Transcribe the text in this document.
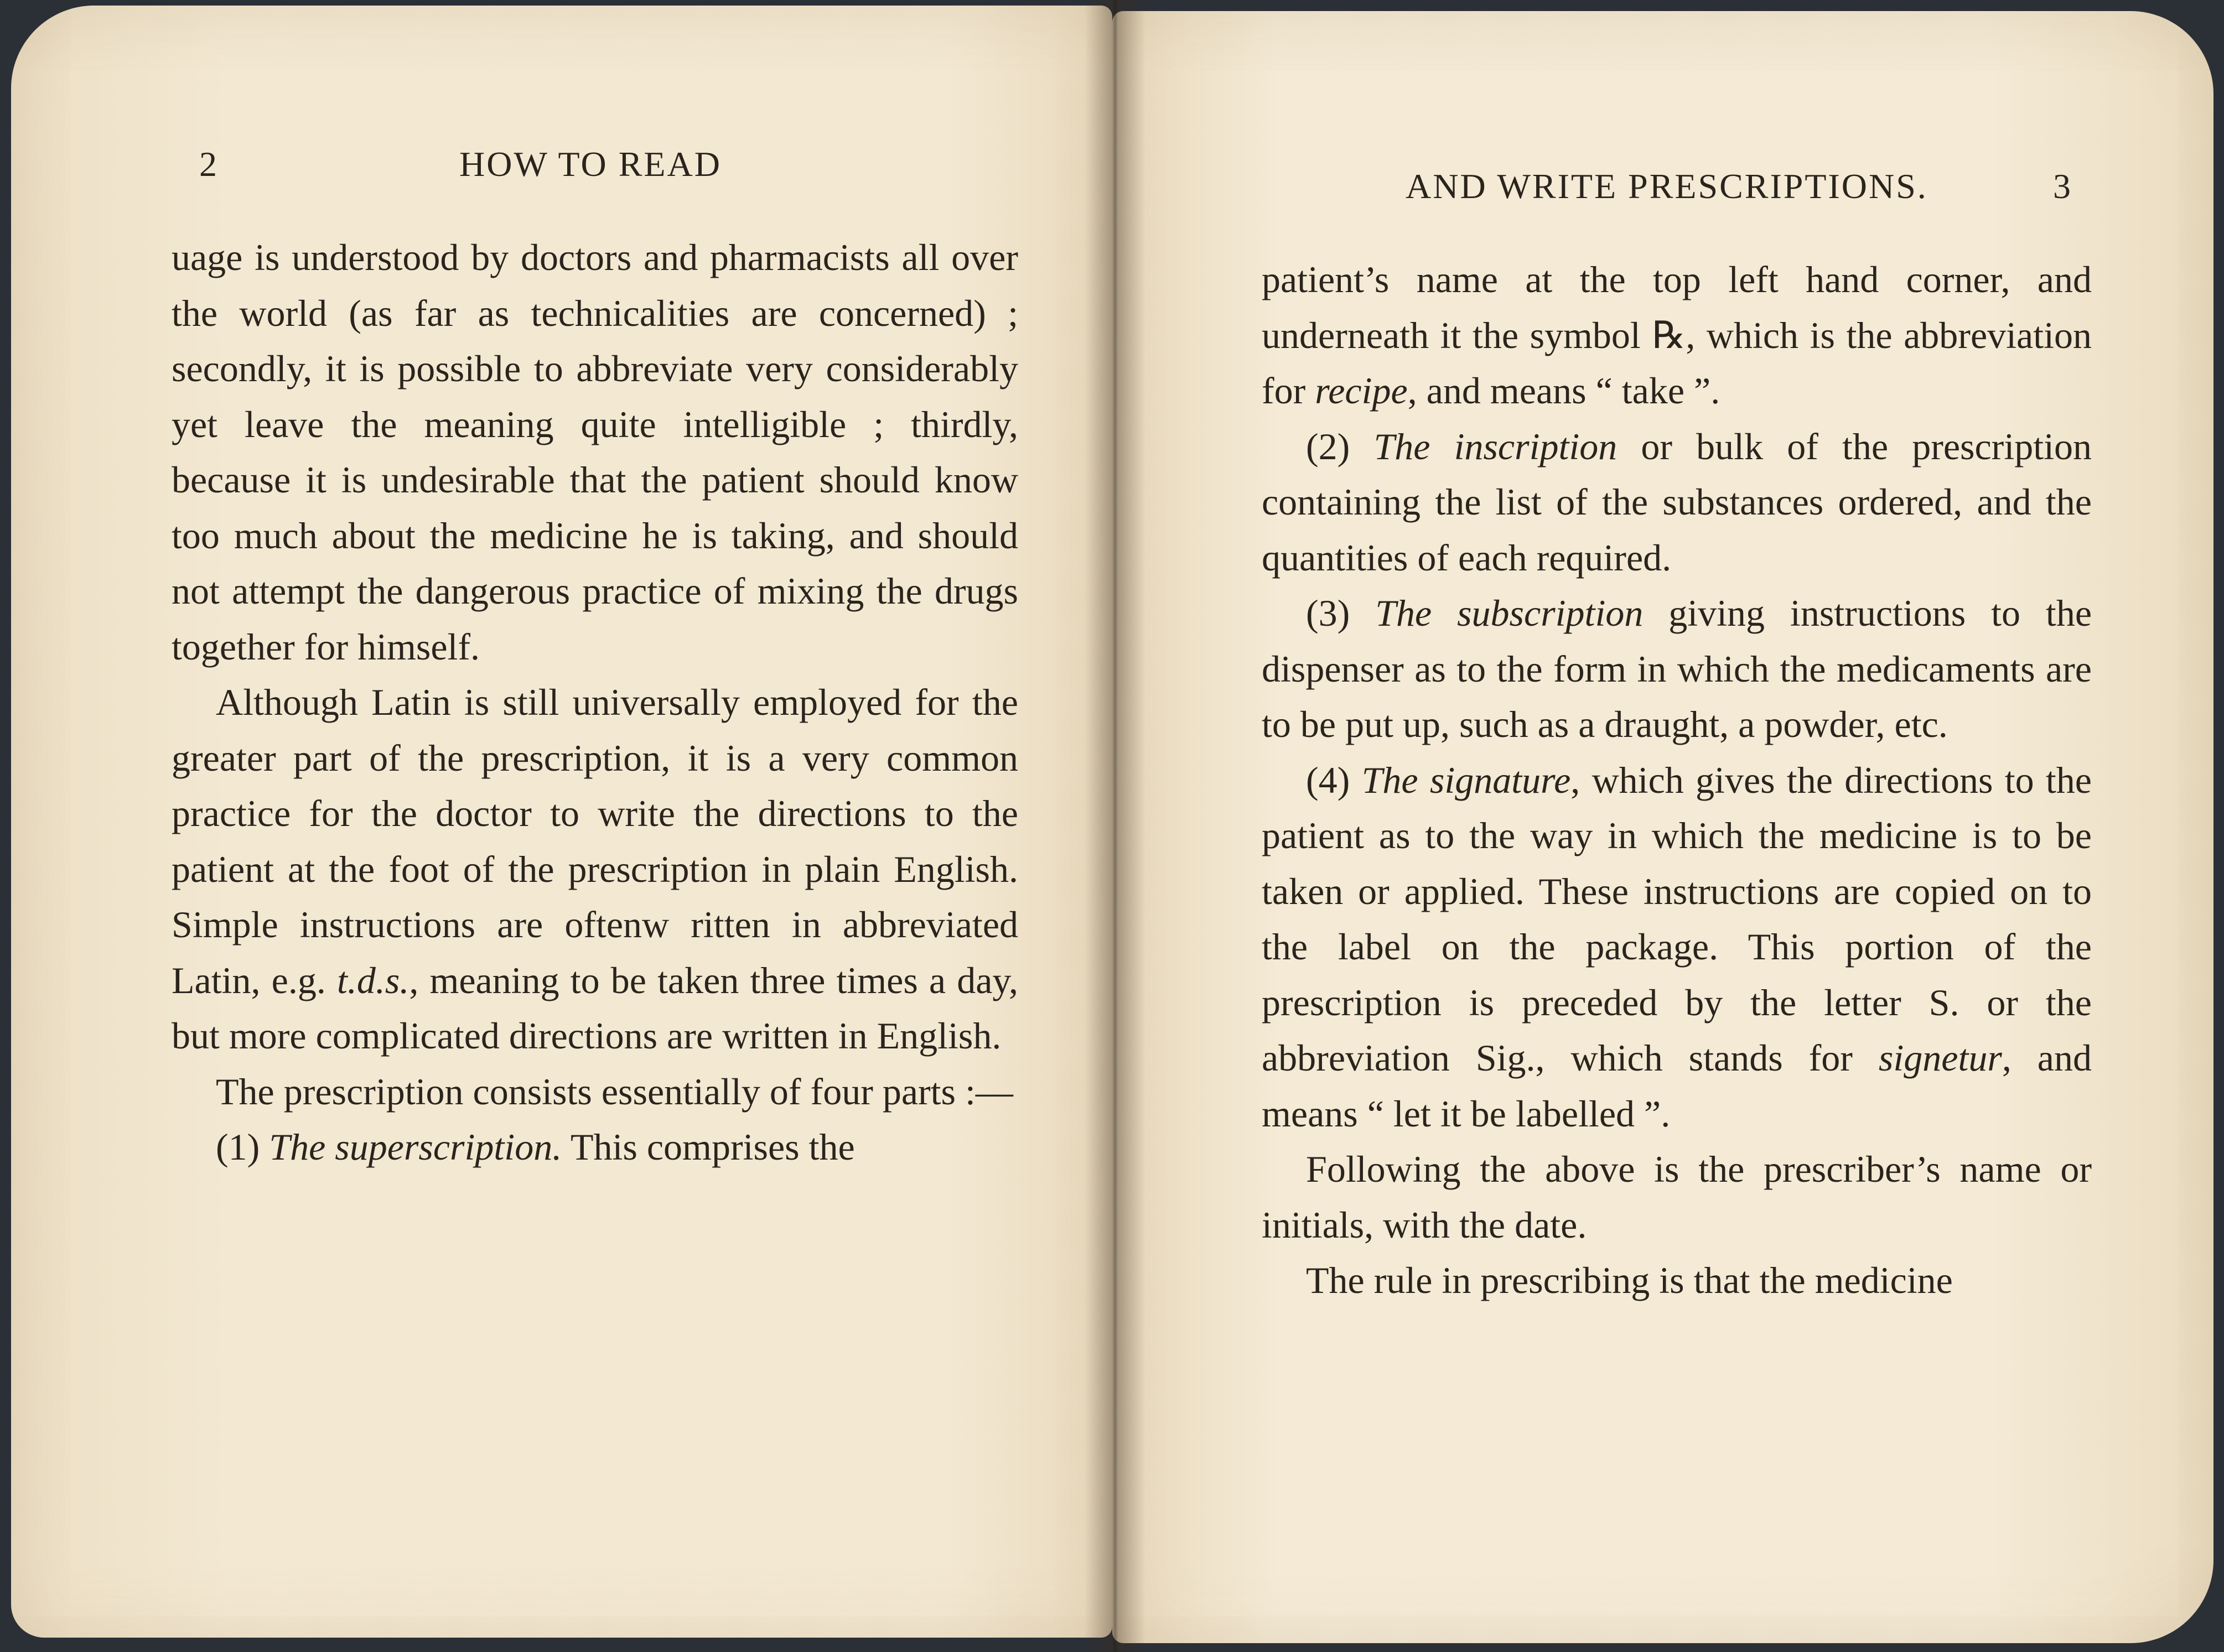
2	HOW TO READ

uage is understood by doctors and pharmacists all over the world (as far as technicalities are concerned) ; secondly, it is possible to abbreviate very considerably yet leave the meaning quite intelligible ; thirdly, because it is undesirable that the patient should know too much about the medicine he is taking, and should not attempt the dangerous practice of mixing the drugs together for himself.

Although Latin is still universally employed for the greater part of the prescription, it is a very common practice for the doctor to write the directions to the patient at the foot of the prescription in plain English. Simple instructions are oftenw ritten in abbreviated Latin, e.g. t.d.s., meaning to be taken three times a day, but more complicated directions are written in English.

The prescription consists essentially of four parts :—

(1) The superscription. This comprises the

AND WRITE PRESCRIPTIONS.	3

patient’s name at the top left hand corner, and underneath it the symbol ℞, which is the abbreviation for recipe, and means “ take ”.

(2) The inscription or bulk of the prescription containing the list of the substances ordered, and the quantities of each required.

(3) The subscription giving instructions to the dispenser as to the form in which the medicaments are to be put up, such as a draught, a powder, etc.

(4) The signature, which gives the directions to the patient as to the way in which the medicine is to be taken or applied. These instructions are copied on to the label on the package. This portion of the prescription is preceded by the letter S. or the abbreviation Sig., which stands for signetur, and means “ let it be labelled ”.

Following the above is the prescriber’s name or initials, with the date.

The rule in prescribing is that the medicine
